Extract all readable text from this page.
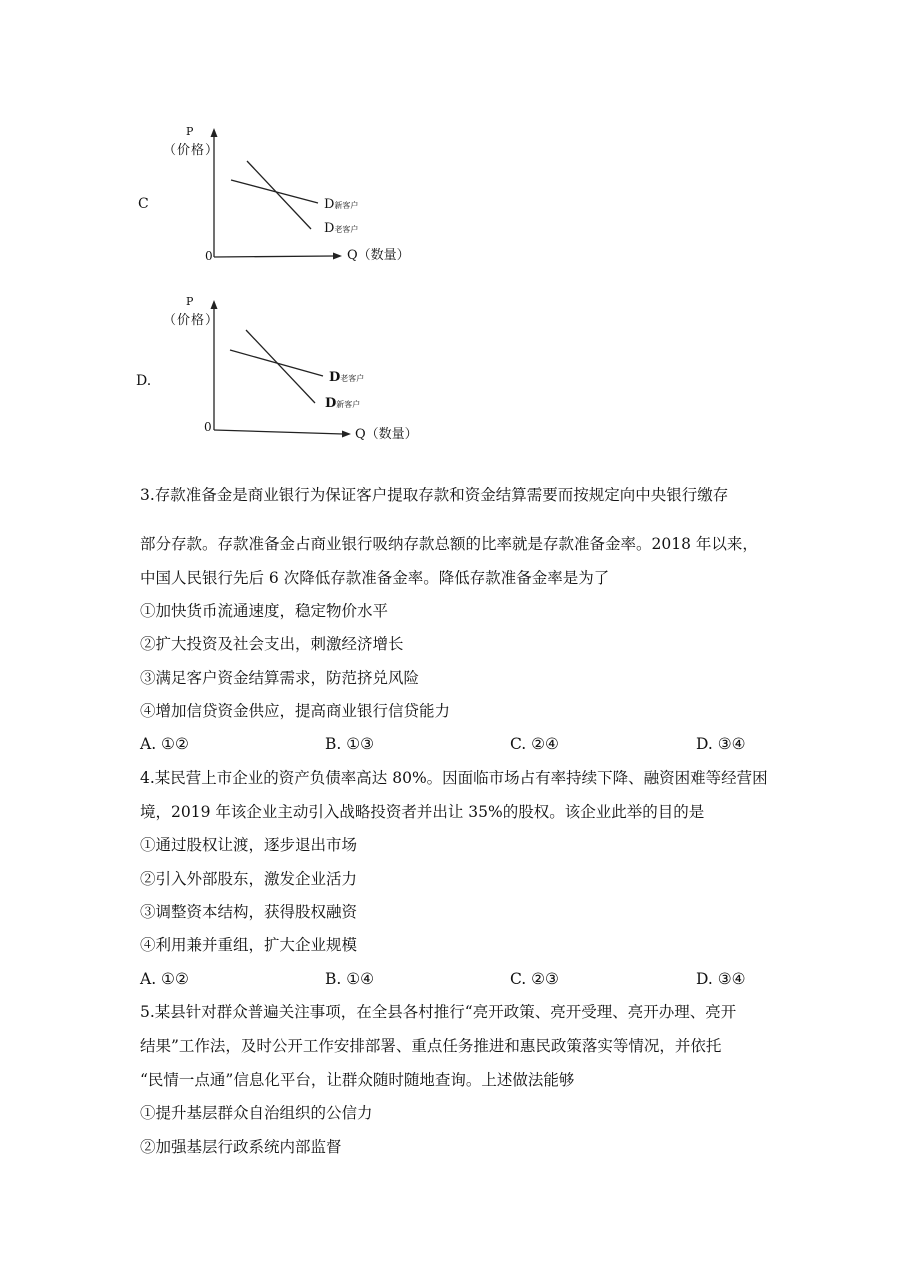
C
P
（价格）
0	Q（数量）
D新客户
D老客户
D.
P
（价格）
0	Q（数量）
D老客户
D新客户
3.存款准备金是商业银行为保证客户提取存款和资金结算需要而按规定向中央银行缴存
部分存款。存款准备金占商业银行吸纳存款总额的比率就是存款准备金率。2018 年以来，
中国人民银行先后 6 次降低存款准备金率。降低存款准备金率是为了
①加快货币流通速度，稳定物价水平
②扩大投资及社会支出，刺激经济增长
③满足客户资金结算需求，防范挤兑风险
④增加信贷资金供应，提高商业银行信贷能力
A. ①②	B. ①③	C. ②④	D. ③④
4.某民营上市企业的资产负债率高达 80%。因面临市场占有率持续下降、融资困难等经营困
境，2019 年该企业主动引入战略投资者并出让 35%的股权。该企业此举的目的是
①通过股权让渡，逐步退出市场
②引入外部股东，激发企业活力
③调整资本结构，获得股权融资
④利用兼并重组，扩大企业规模
A. ①②	B. ①④	C. ②③	D. ③④
5.某县针对群众普遍关注事项，在全县各村推行“亮开政策、亮开受理、亮开办理、亮开
结果”工作法，及时公开工作安排部署、重点任务推进和惠民政策落实等情况，并依托
“民情一点通”信息化平台，让群众随时随地查询。上述做法能够
①提升基层群众自治组织的公信力
②加强基层行政系统内部监督
